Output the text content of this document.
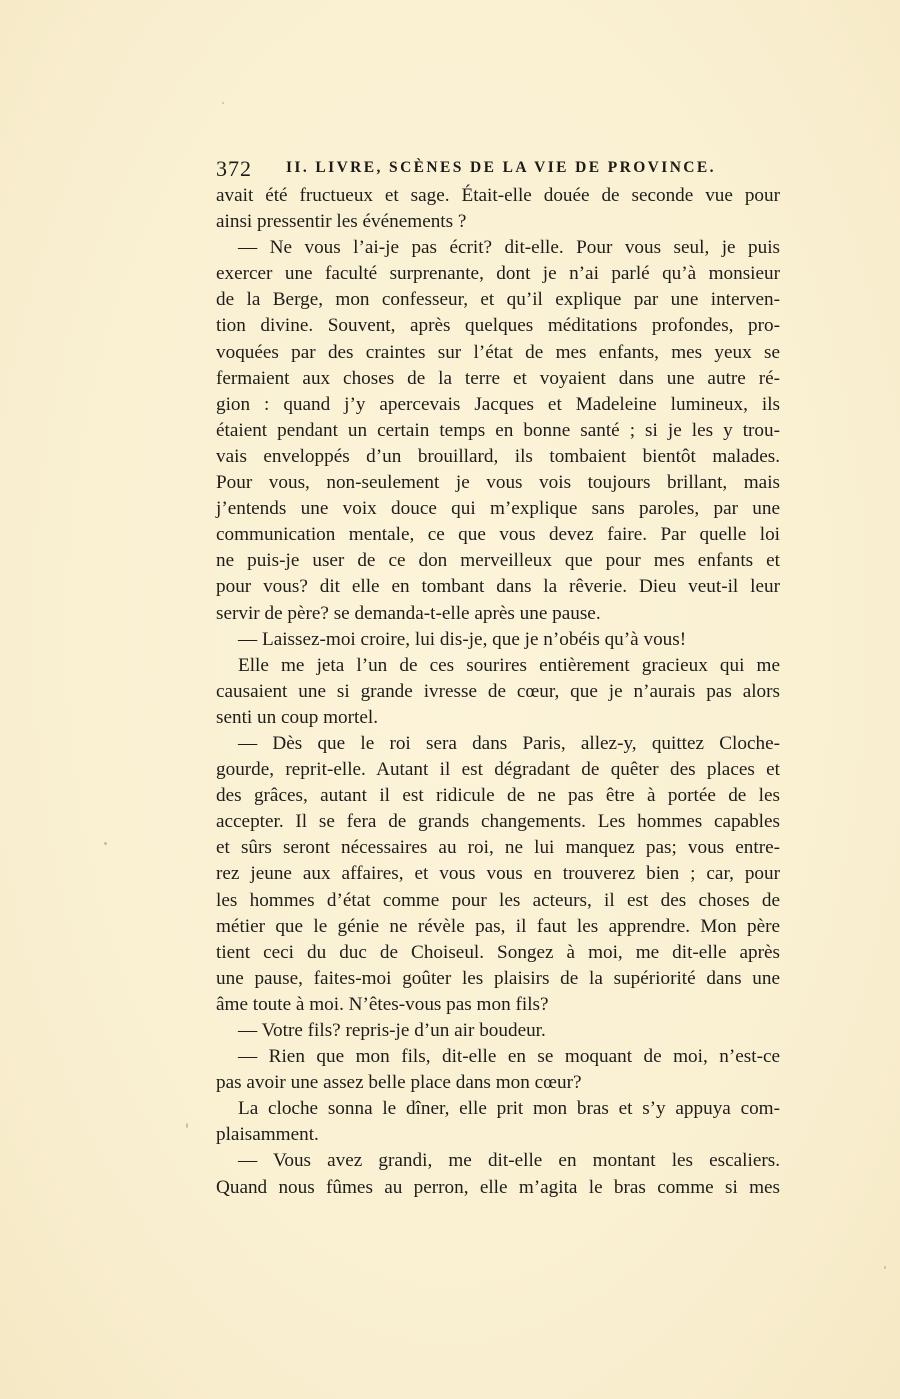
372 II. LIVRE, SCÈNES DE LA VIE DE PROVINCE.
avait été fructueux et sage. Était-elle douée de seconde vue pour
ainsi pressentir les événements ?
— Ne vous l’ai-je pas écrit? dit-elle. Pour vous seul, je puis
exercer une faculté surprenante, dont je n’ai parlé qu’à monsieur
de la Berge, mon confesseur, et qu’il explique par une interven-
tion divine. Souvent, après quelques méditations profondes, pro-
voquées par des craintes sur l’état de mes enfants, mes yeux se
fermaient aux choses de la terre et voyaient dans une autre ré-
gion : quand j’y apercevais Jacques et Madeleine lumineux, ils
étaient pendant un certain temps en bonne santé ; si je les y trou-
vais enveloppés d’un brouillard, ils tombaient bientôt malades.
Pour vous, non-seulement je vous vois toujours brillant, mais
j’entends une voix douce qui m’explique sans paroles, par une
communication mentale, ce que vous devez faire. Par quelle loi
ne puis-je user de ce don merveilleux que pour mes enfants et
pour vous? dit elle en tombant dans la rêverie. Dieu veut-il leur
servir de père? se demanda-t-elle après une pause.
— Laissez-moi croire, lui dis-je, que je n’obéis qu’à vous!
Elle me jeta l’un de ces sourires entièrement gracieux qui me
causaient une si grande ivresse de cœur, que je n’aurais pas alors
senti un coup mortel.
— Dès que le roi sera dans Paris, allez-y, quittez Cloche-
gourde, reprit-elle. Autant il est dégradant de quêter des places et
des grâces, autant il est ridicule de ne pas être à portée de les
accepter. Il se fera de grands changements. Les hommes capables
et sûrs seront nécessaires au roi, ne lui manquez pas; vous entre-
rez jeune aux affaires, et vous vous en trouverez bien ; car, pour
les hommes d’état comme pour les acteurs, il est des choses de
métier que le génie ne révèle pas, il faut les apprendre. Mon père
tient ceci du duc de Choiseul. Songez à moi, me dit-elle après
une pause, faites-moi goûter les plaisirs de la supériorité dans une
âme toute à moi. N’êtes-vous pas mon fils?
— Votre fils? repris-je d’un air boudeur.
— Rien que mon fils, dit-elle en se moquant de moi, n’est-ce
pas avoir une assez belle place dans mon cœur?
La cloche sonna le dîner, elle prit mon bras et s’y appuya com-
plaisamment.
— Vous avez grandi, me dit-elle en montant les escaliers.
Quand nous fûmes au perron, elle m’agita le bras comme si mes
